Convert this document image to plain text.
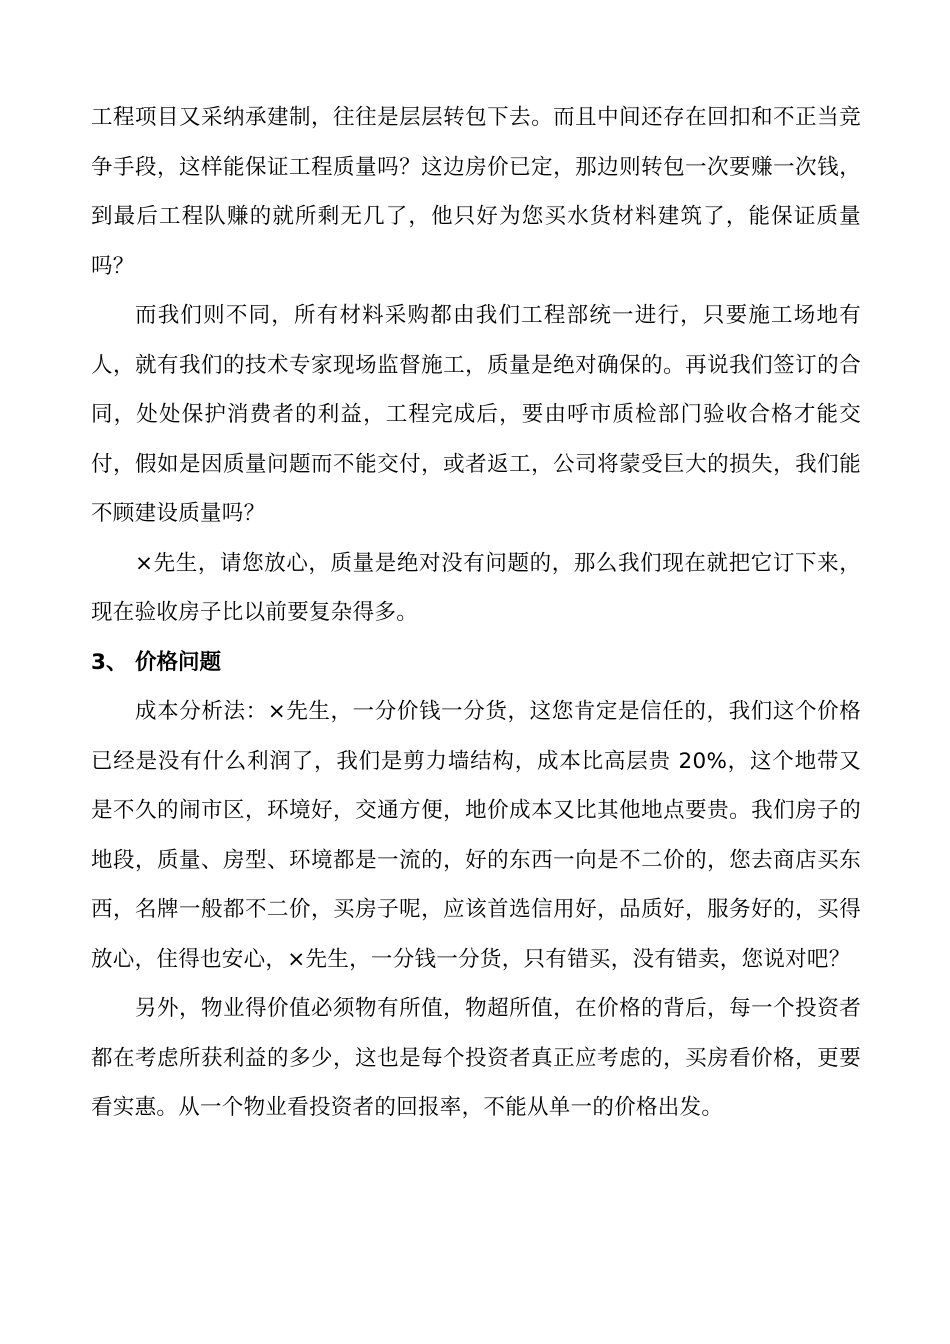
工程项目又采纳承建制，往往是层层转包下去。而且中间还存在回扣和不正当竞争手段，这样能保证工程质量吗？这边房价已定，那边则转包一次要赚一次钱，到最后工程队赚的就所剩无几了，他只好为您买水货材料建筑了，能保证质量吗？

而我们则不同，所有材料采购都由我们工程部统一进行，只要施工场地有人，就有我们的技术专家现场监督施工，质量是绝对确保的。再说我们签订的合同，处处保护消费者的利益，工程完成后，要由呼市质检部门验收合格才能交付，假如是因质量问题而不能交付，或者返工，公司将蒙受巨大的损失，我们能不顾建设质量吗？

×先生，请您放心，质量是绝对没有问题的，那么我们现在就把它订下来，现在验收房子比以前要复杂得多。

3、 价格问题

成本分析法：×先生，一分价钱一分货，这您肯定是信任的，我们这个价格已经是没有什么利润了，我们是剪力墙结构，成本比高层贵 20%，这个地带又是不久的闹市区，环境好，交通方便，地价成本又比其他地点要贵。我们房子的地段，质量、房型、环境都是一流的，好的东西一向是不二价的，您去商店买东西，名牌一般都不二价，买房子呢，应该首选信用好，品质好，服务好的，买得放心，住得也安心，×先生，一分钱一分货，只有错买，没有错卖，您说对吧？

另外，物业得价值必须物有所值，物超所值，在价格的背后，每一个投资者都在考虑所获利益的多少，这也是每个投资者真正应考虑的，买房看价格，更要看实惠。从一个物业看投资者的回报率，不能从单一的价格出发。
